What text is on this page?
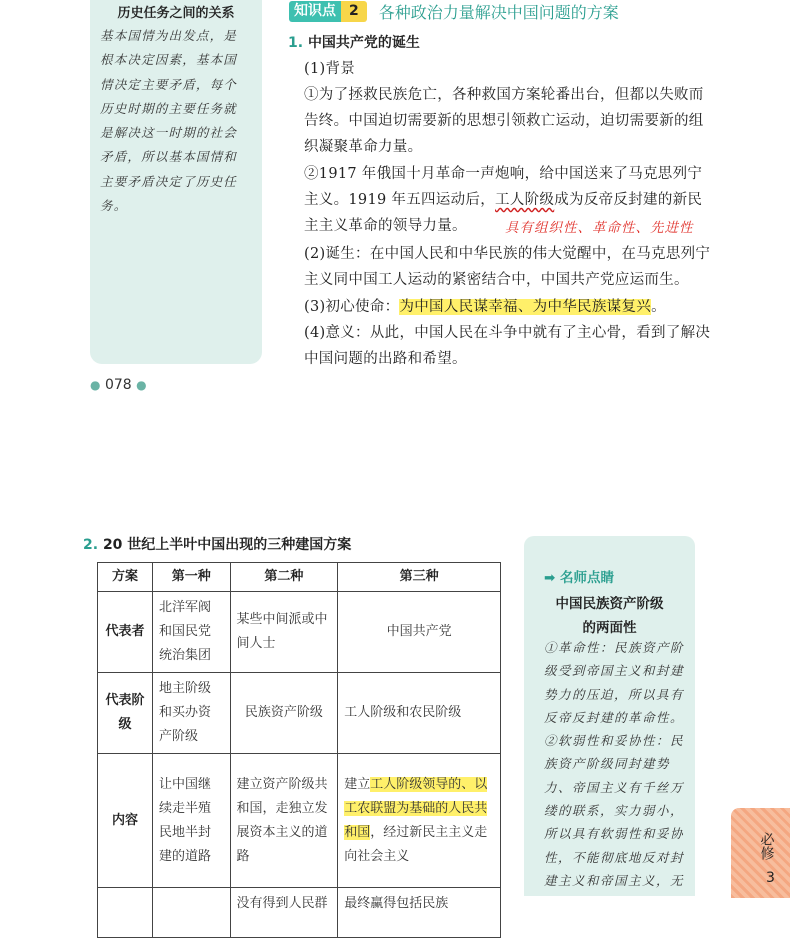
历史任务之间的关系
基本国情为出发点，是根本决定因素，基本国情决定主要矛盾，每个历史时期的主要任务就是解决这一时期的社会矛盾，所以基本国情和主要矛盾决定了历史任务。
● 078 ●
知识点 2	各种政治力量解决中国问题的方案
1. 中国共产党的诞生
(1)背景
①为了拯救民族危亡，各种救国方案轮番出台，但都以失败而告终。中国迫切需要新的思想引领救亡运动，迫切需要新的组织凝聚革命力量。
②1917 年俄国十月革命一声炮响，给中国送来了马克思列宁主义。1919 年五四运动后，工人阶级成为反帝反封建的新民主主义革命的领导力量。	具有组织性、革命性、先进性
(2)诞生：在中国人民和中华民族的伟大觉醒中，在马克思列宁主义同中国工人运动的紧密结合中，中国共产党应运而生。
(3)初心使命：为中国人民谋幸福、为中华民族谋复兴。
(4)意义：从此，中国人民在斗争中就有了主心骨，看到了解决中国问题的出路和希望。
2. 20 世纪上半叶中国出现的三种建国方案
方案	第一种	第二种	第三种
代表者	北洋军阀和国民党统治集团	某些中间派或中间人士	中国共产党
代表阶级	地主阶级和买办资产阶级	民族资产阶级	工人阶级和农民阶级
内容	让中国继续走半殖民地半封建的道路	建立资产阶级共和国，走独立发展资本主义的道路	建立工人阶级领导的、以工农联盟为基础的人民共和国，经过新民主主义走向社会主义
		没有得到人民群	最终赢得包括民族
➡ 名师点睛
中国民族资产阶级
的两面性
①革命性：民族资产阶级受到帝国主义和封建势力的压迫，所以具有反帝反封建的革命性。②软弱性和妥协性：民族资产阶级同封建势力、帝国主义有千丝万缕的联系，实力弱小，所以具有软弱性和妥协性，不能彻底地反对封建主义和帝国主义，无
必修
3
